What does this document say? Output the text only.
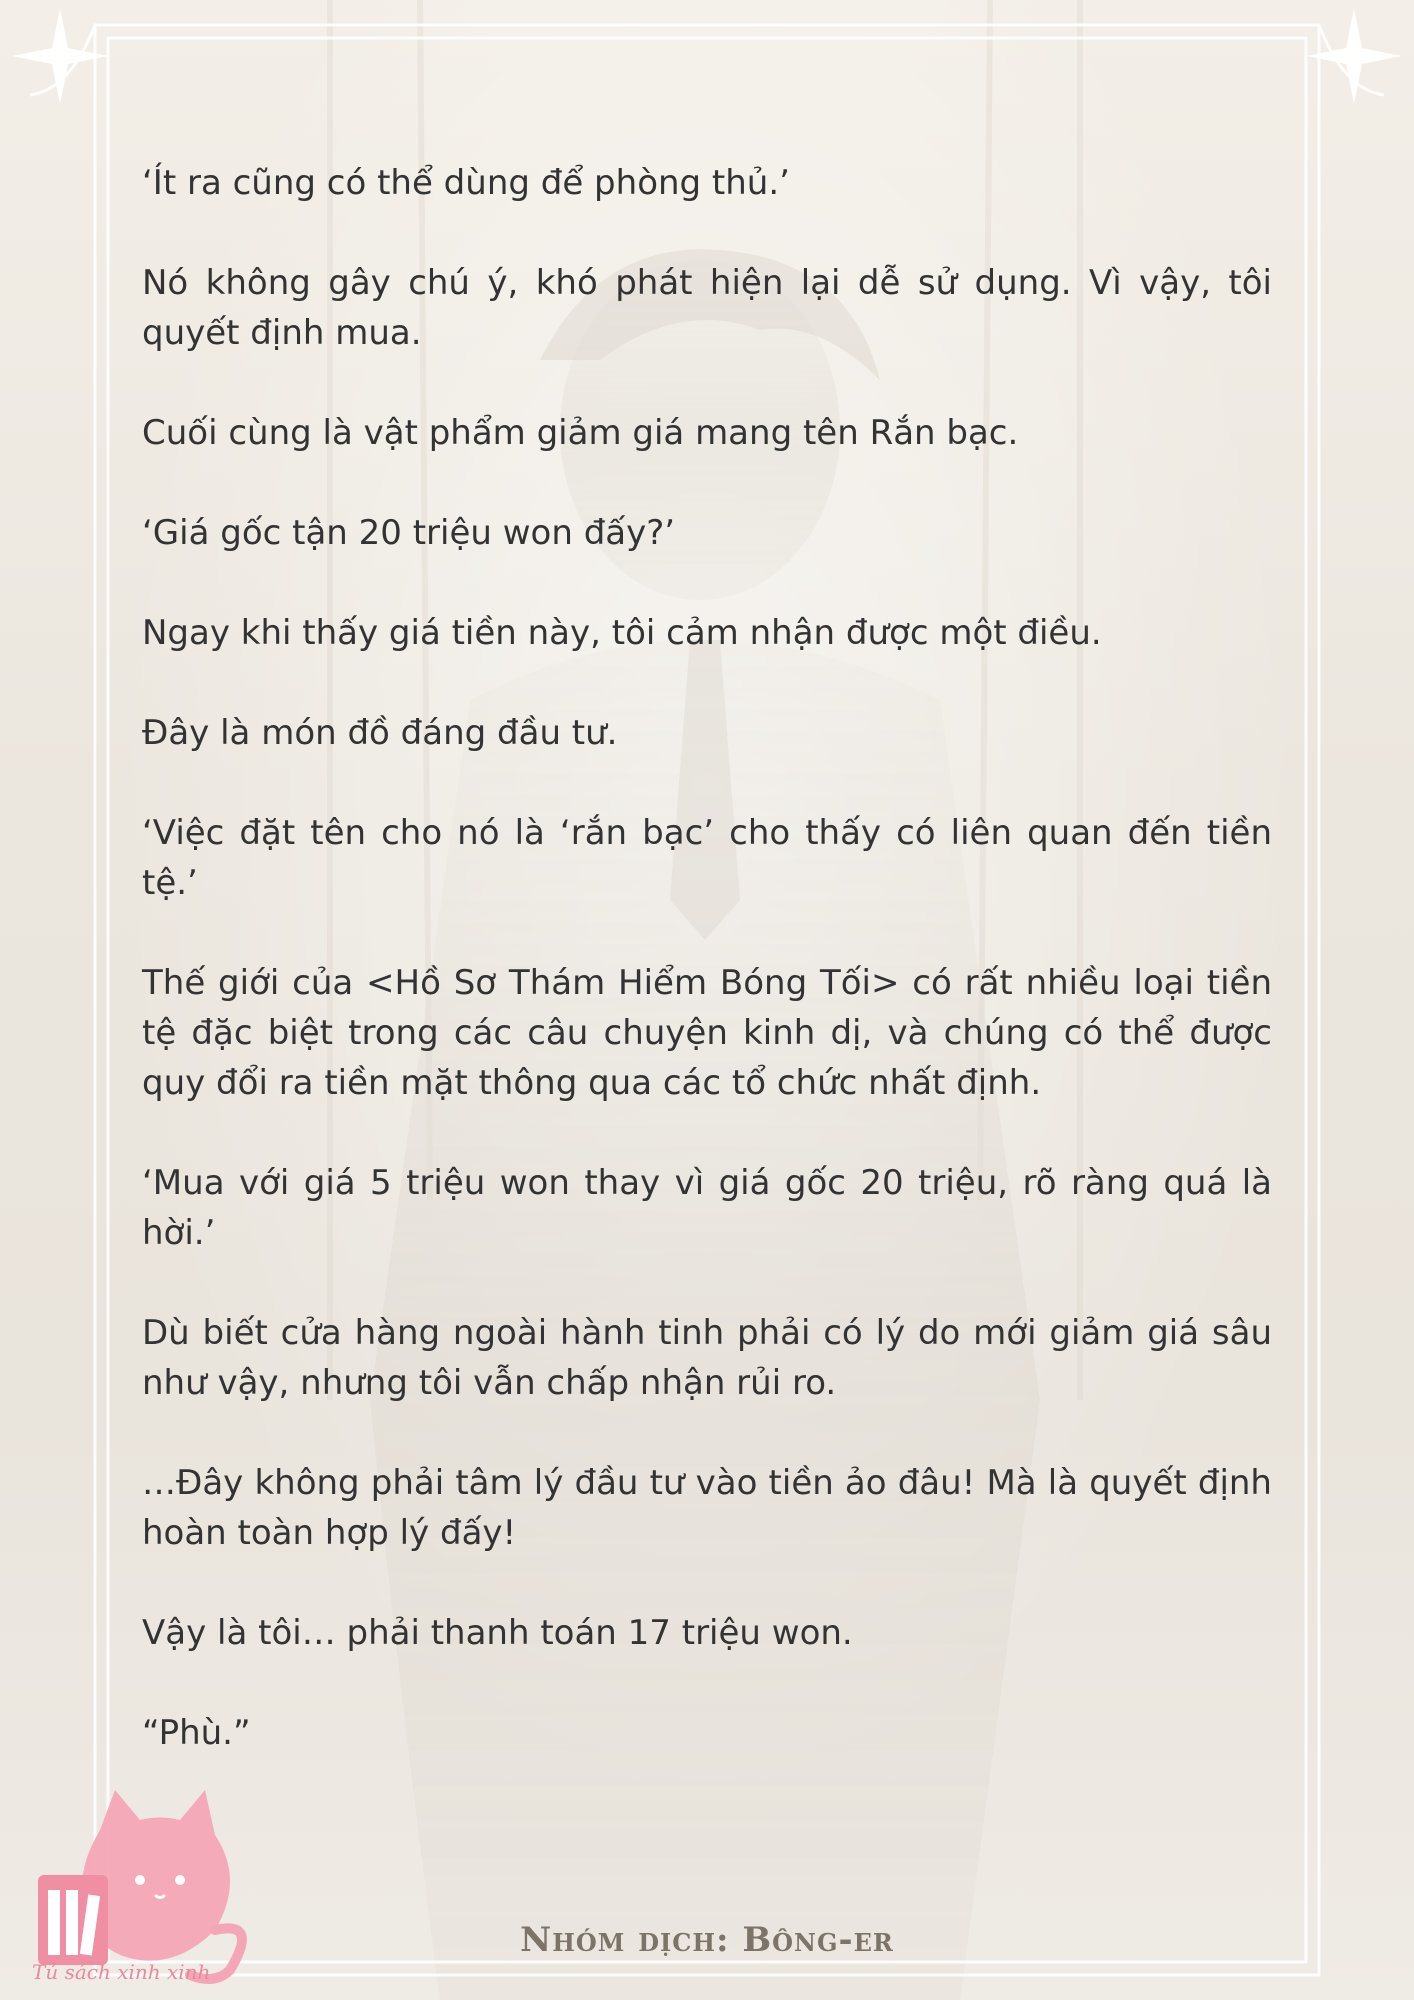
‘Ít ra cũng có thể dùng để phòng thủ.’

Nó không gây chú ý, khó phát hiện lại dễ sử dụng. Vì vậy, tôi quyết định mua.

Cuối cùng là vật phẩm giảm giá mang tên Rắn bạc.

‘Giá gốc tận 20 triệu won đấy?’

Ngay khi thấy giá tiền này, tôi cảm nhận được một điều.

Đây là món đồ đáng đầu tư.

‘Việc đặt tên cho nó là ‘rắn bạc’ cho thấy có liên quan đến tiền tệ.’

Thế giới của <Hồ Sơ Thám Hiểm Bóng Tối> có rất nhiều loại tiền tệ đặc biệt trong các câu chuyện kinh dị, và chúng có thể được quy đổi ra tiền mặt thông qua các tổ chức nhất định.

‘Mua với giá 5 triệu won thay vì giá gốc 20 triệu, rõ ràng quá là hời.’

Dù biết cửa hàng ngoài hành tinh phải có lý do mới giảm giá sâu như vậy, nhưng tôi vẫn chấp nhận rủi ro.

…Đây không phải tâm lý đầu tư vào tiền ảo đâu! Mà là quyết định hoàn toàn hợp lý đấy!

Vậy là tôi… phải thanh toán 17 triệu won.

“Phù.”

Tủ sách xinh xinh
Nhóm dịch: Bông-er
